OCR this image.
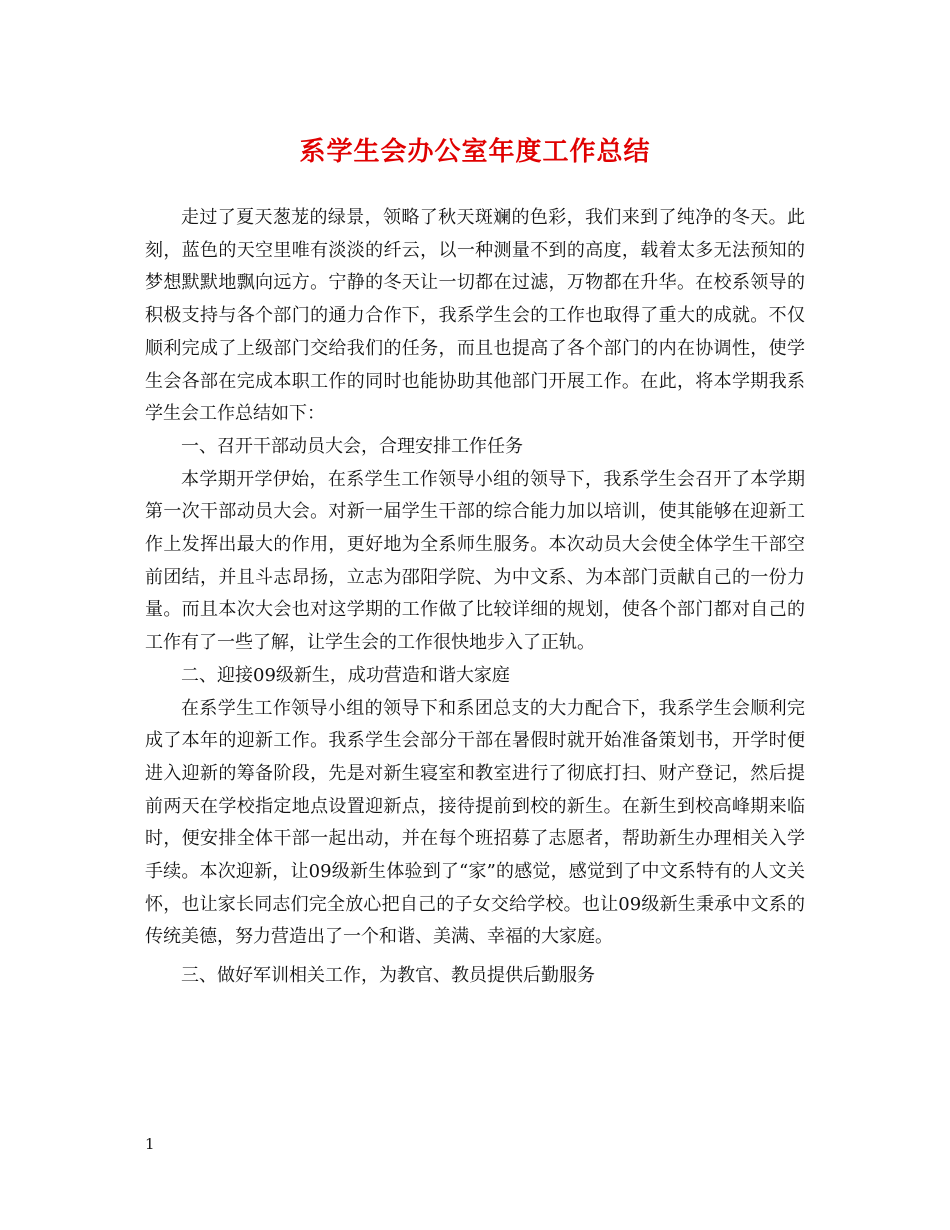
系学生会办公室年度工作总结

走过了夏天葱茏的绿景，领略了秋天斑斓的色彩，我们来到了纯净的冬天。此刻，蓝色的天空里唯有淡淡的纤云，以一种测量不到的高度，载着太多无法预知的梦想默默地飘向远方。宁静的冬天让一切都在过滤，万物都在升华。在校系领导的积极支持与各个部门的通力合作下，我系学生会的工作也取得了重大的成就。不仅顺利完成了上级部门交给我们的任务，而且也提高了各个部门的内在协调性，使学生会各部在完成本职工作的同时也能协助其他部门开展工作。在此，将本学期我系学生会工作总结如下：

一、召开干部动员大会，合理安排工作任务

本学期开学伊始，在系学生工作领导小组的领导下，我系学生会召开了本学期第一次干部动员大会。对新一届学生干部的综合能力加以培训，使其能够在迎新工作上发挥出最大的作用，更好地为全系师生服务。本次动员大会使全体学生干部空前团结，并且斗志昂扬，立志为邵阳学院、为中文系、为本部门贡献自己的一份力量。而且本次大会也对这学期的工作做了比较详细的规划，使各个部门都对自己的工作有了一些了解，让学生会的工作很快地步入了正轨。

二、迎接09级新生，成功营造和谐大家庭

在系学生工作领导小组的领导下和系团总支的大力配合下，我系学生会顺利完成了本年的迎新工作。我系学生会部分干部在暑假时就开始准备策划书，开学时便进入迎新的筹备阶段，先是对新生寝室和教室进行了彻底打扫、财产登记，然后提前两天在学校指定地点设置迎新点，接待提前到校的新生。在新生到校高峰期来临时，便安排全体干部一起出动，并在每个班招募了志愿者，帮助新生办理相关入学手续。本次迎新，让09级新生体验到了“家”的感觉，感觉到了中文系特有的人文关怀，也让家长同志们完全放心把自己的子女交给学校。也让09级新生秉承中文系的传统美德，努力营造出了一个和谐、美满、幸福的大家庭。

三、做好军训相关工作，为教官、教员提供后勤服务

1
